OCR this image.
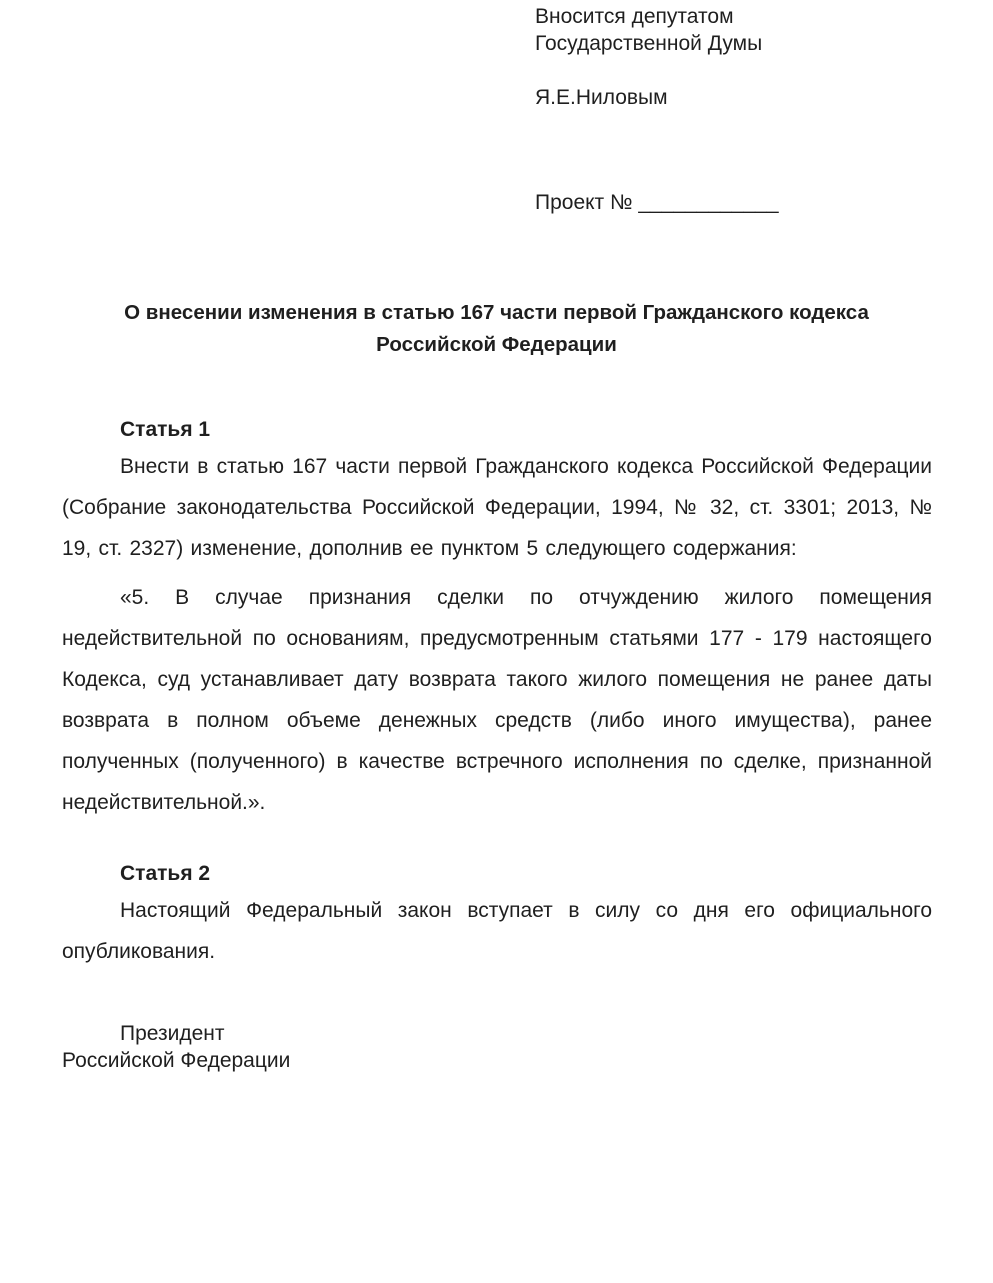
Вносится депутатом
Государственной Думы
Я.Е.Ниловым
Проект № ____________
О внесении изменения в статью 167 части первой Гражданского кодекса Российской Федерации
Статья 1

Внести в статью 167 части первой Гражданского кодекса Российской Федерации (Собрание законодательства Российской Федерации, 1994, № 32, ст. 3301; 2013, № 19, ст. 2327) изменение, дополнив ее пунктом 5 следующего содержания:

«5. В случае признания сделки по отчуждению жилого помещения недействительной по основаниям, предусмотренным статьями 177 - 179 настоящего Кодекса, суд устанавливает дату возврата такого жилого помещения не ранее даты возврата в полном объеме денежных средств (либо иного имущества), ранее полученных (полученного) в качестве встречного исполнения по сделке, признанной недействительной.».

Статья 2

Настоящий Федеральный закон вступает в силу со дня его официального опубликования.

Президент
Российской Федерации
